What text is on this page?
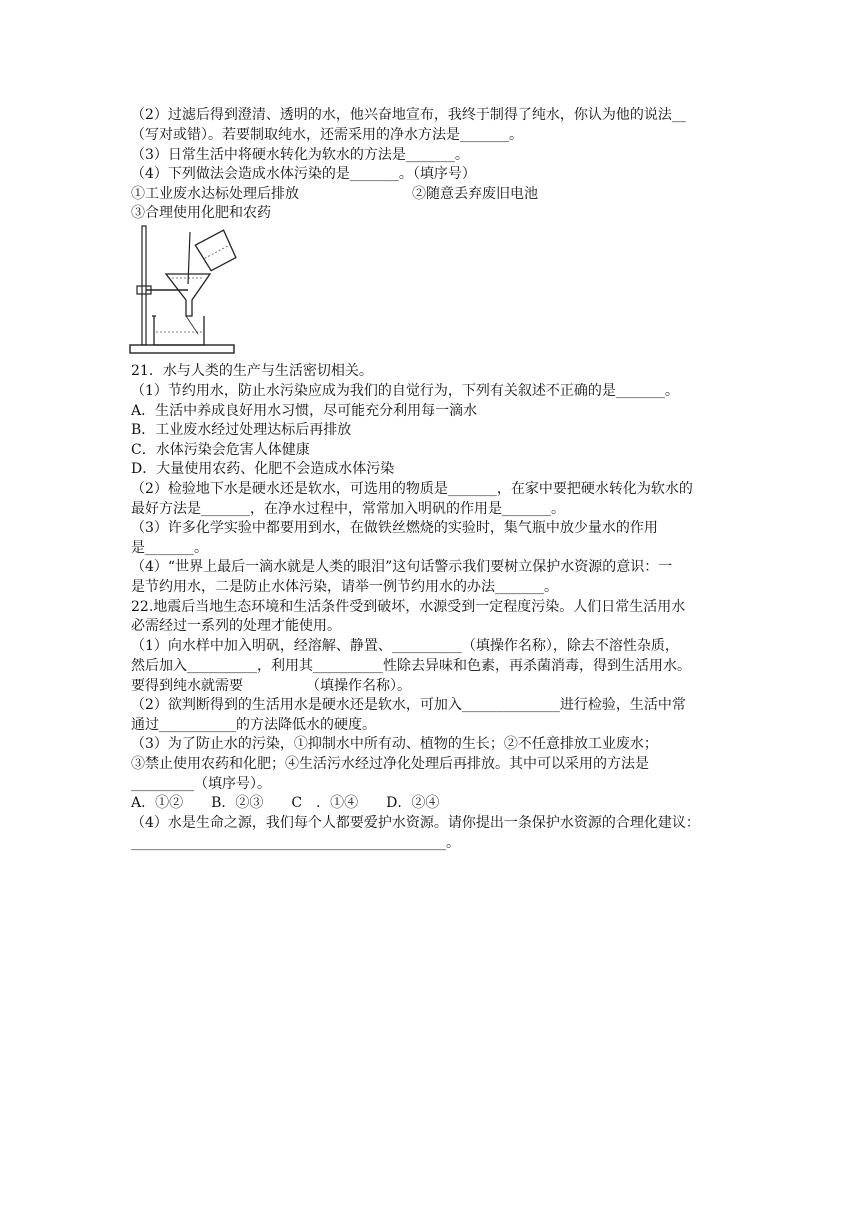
（2）过滤后得到澄清、透明的水，他兴奋地宣布，我终于制得了纯水，你认为他的说法__
（写对或错）。若要制取纯水，还需采用的净水方法是_______。
（3）日常生活中将硬水转化为软水的方法是_______。
（4）下列做法会造成水体污染的是_______。（填序号）
①工业废水达标处理后排放	②随意丢弃废旧电池
③合理使用化肥和农药
21．水与人类的生产与生活密切相关。
（1）节约用水，防止水污染应成为我们的自觉行为，下列有关叙述不正确的是_______。
A．生活中养成良好用水习惯，尽可能充分利用每一滴水
B．工业废水经过处理达标后再排放
C．水体污染会危害人体健康
D．大量使用农药、化肥不会造成水体污染
（2）检验地下水是硬水还是软水，可选用的物质是_______，在家中要把硬水转化为软水的
最好方法是_______，在净水过程中，常常加入明矾的作用是_______。
（3）许多化学实验中都要用到水，在做铁丝燃烧的实验时，集气瓶中放少量水的作用
是_______。
（4）“世界上最后一滴水就是人类的眼泪”这句话警示我们要树立保护水资源的意识：一
是节约用水，二是防止水体污染，请举一例节约用水的办法_______。
22.地震后当地生态环境和生活条件受到破坏，水源受到一定程度污染。人们日常生活用水
必需经过一系列的处理才能使用。
（1）向水样中加入明矾，经溶解、静置、__________（填操作名称），除去不溶性杂质，
然后加入__________，利用其__________性除去异味和色素，再杀菌消毒，得到生活用水。
要得到纯水就需要　　　　　（填操作名称）。
（2）欲判断得到的生活用水是硬水还是软水，可加入______________进行检验，生活中常
通过___________的方法降低水的硬度。
（3）为了防止水的污染，①抑制水中所有动、植物的生长；②不任意排放工业废水；
③禁止使用农药和化肥；④生活污水经过净化处理后再排放。其中可以采用的方法是
_________（填序号）。
A．①②　　B．②③　　C　．①④　　D．②④
（4）水是生命之源，我们每个人都要爱护水资源。请你提出一条保护水资源的合理化建议：
_____________________________________________。
